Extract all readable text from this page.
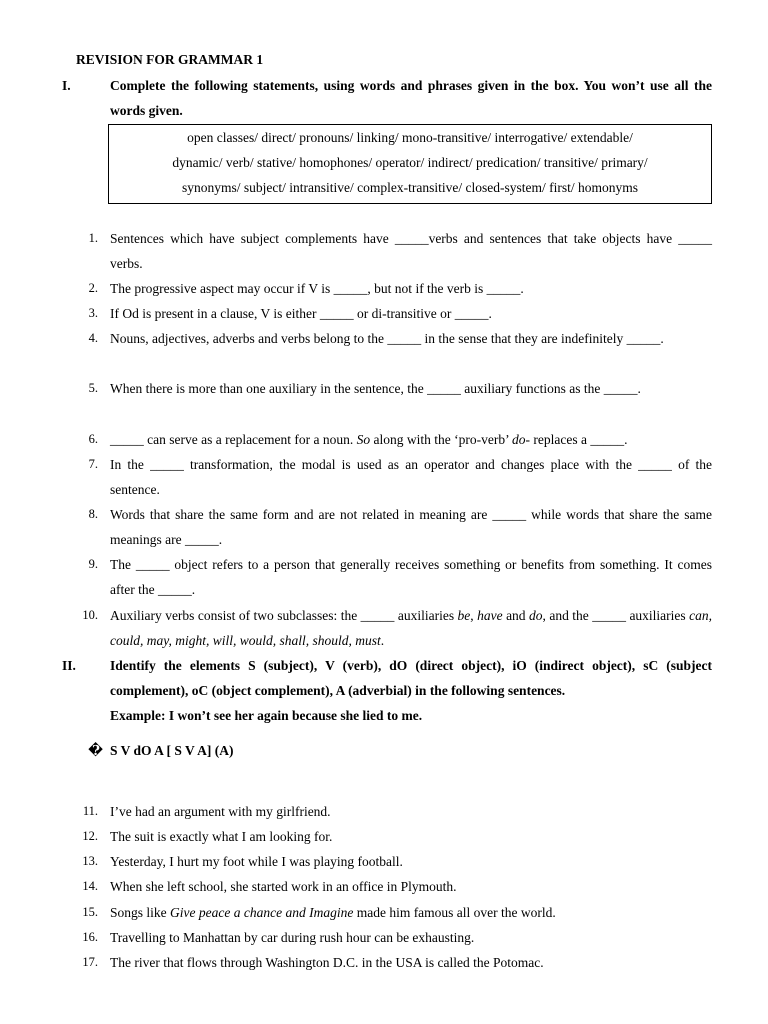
REVISION FOR GRAMMAR 1
I.	Complete the following statements, using words and phrases given in the box. You won’t use all the words given.
open classes/ direct/ pronouns/ linking/ mono-transitive/ interrogative/ extendable/
dynamic/ verb/ stative/ homophones/ operator/ indirect/ predication/ transitive/ primary/
synonyms/ subject/ intransitive/ complex-transitive/ closed-system/ first/ homonyms
1. Sentences which have subject complements have _____verbs and sentences that take objects have _____ verbs.
2. The progressive aspect may occur if V is _____, but not if the verb is _____.
3. If Od is present in a clause, V is either _____ or di-transitive or _____.
4. Nouns, adjectives, adverbs and verbs belong to the _____ in the sense that they are indefinitely _____.
5. When there is more than one auxiliary in the sentence, the _____ auxiliary functions as the _____.
6. _____ can serve as a replacement for a noun. So along with the ‘pro-verb’ do- replaces a _____.
7. In the _____ transformation, the modal is used as an operator and changes place with the _____ of the sentence.
8. Words that share the same form and are not related in meaning are _____ while words that share the same meanings are _____.
9. The _____ object refers to a person that generally receives something or benefits from something. It comes after the _____.
10. Auxiliary verbs consist of two subclasses: the _____ auxiliaries be, have and do, and the _____ auxiliaries can, could, may, might, will, would, shall, should, must.
II.	Identify the elements S (subject), V (verb), dO (direct object), iO (indirect object), sC (subject complement), oC (object complement), A (adverbial) in the following sentences.
Example: I won’t see her again because she lied to me.
� S V dO A [ S V A] (A)
11. I’ve had an argument with my girlfriend.
12. The suit is exactly what I am looking for.
13. Yesterday, I hurt my foot while I was playing football.
14. When she left school, she started work in an office in Plymouth.
15. Songs like Give peace a chance and Imagine made him famous all over the world.
16. Travelling to Manhattan by car during rush hour can be exhausting.
17. The river that flows through Washington D.C. in the USA is called the Potomac.
